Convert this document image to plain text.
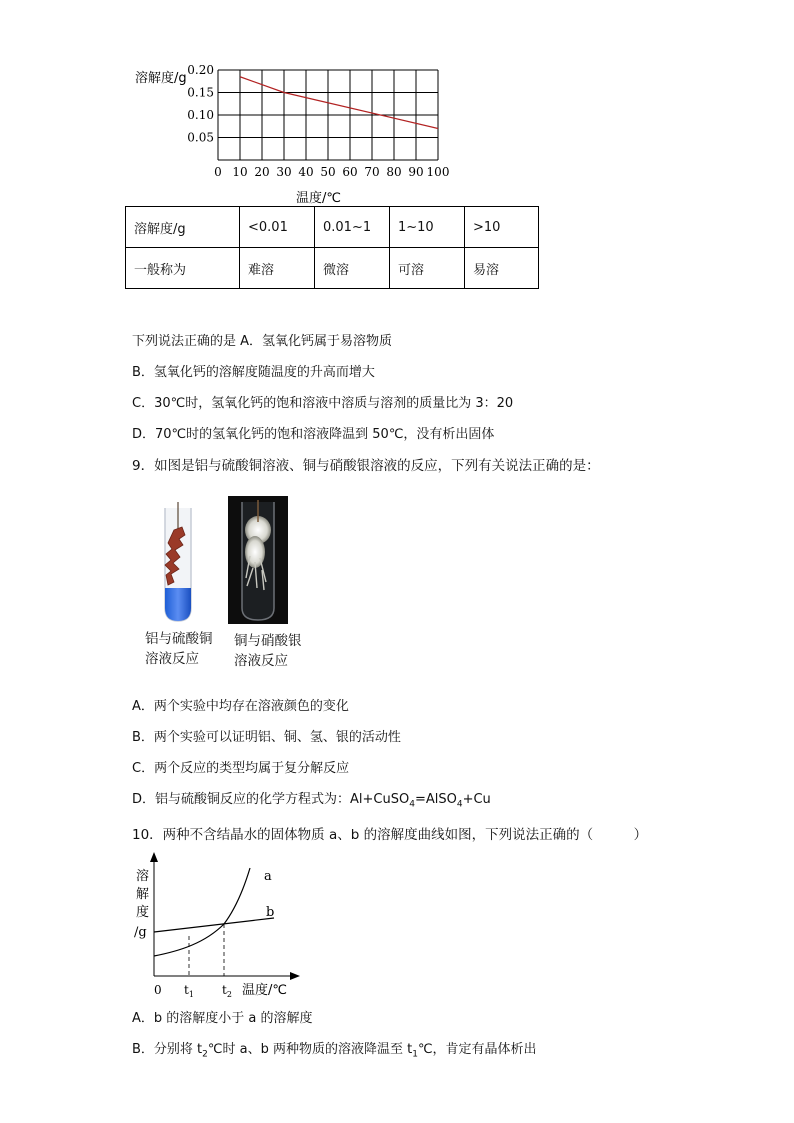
溶解度/g
0.20
0.15
0.10
0.05
0 10 20 30 40 50 60 70 80 90 100
温度/℃
溶解度/g	<0.01	0.01~1	1~10	>10
一般称为	难溶	微溶	可溶	易溶
下列说法正确的是 A．氢氧化钙属于易溶物质
B．氢氧化钙的溶解度随温度的升高而增大
C．30℃时，氢氧化钙的饱和溶液中溶质与溶剂的质量比为 3：20
D．70℃时的氢氧化钙的饱和溶液降温到 50℃，没有析出固体
9．如图是铝与硫酸铜溶液、铜与硝酸银溶液的反应，下列有关说法正确的是：
铝与硫酸铜
溶液反应
铜与硝酸银
溶液反应
A．两个实验中均存在溶液颜色的变化
B．两个实验可以证明铝、铜、氢、银的活动性
C．两个反应的类型均属于复分解反应
D．铝与硫酸铜反应的化学方程式为：Al+CuSO$_4$=AlSO$_4$+Cu
10．两种不含结晶水的固体物质 a、b 的溶解度曲线如图，下列说法正确的（　　　）
溶
解
度
/g
a
b
0 $t_1$ $t_2$ 温度/℃
A．b 的溶解度小于 a 的溶解度
B．分别将 $t_2℃$时 a、b 两种物质的溶液降温至 $t_1℃$，肯定有晶体析出
